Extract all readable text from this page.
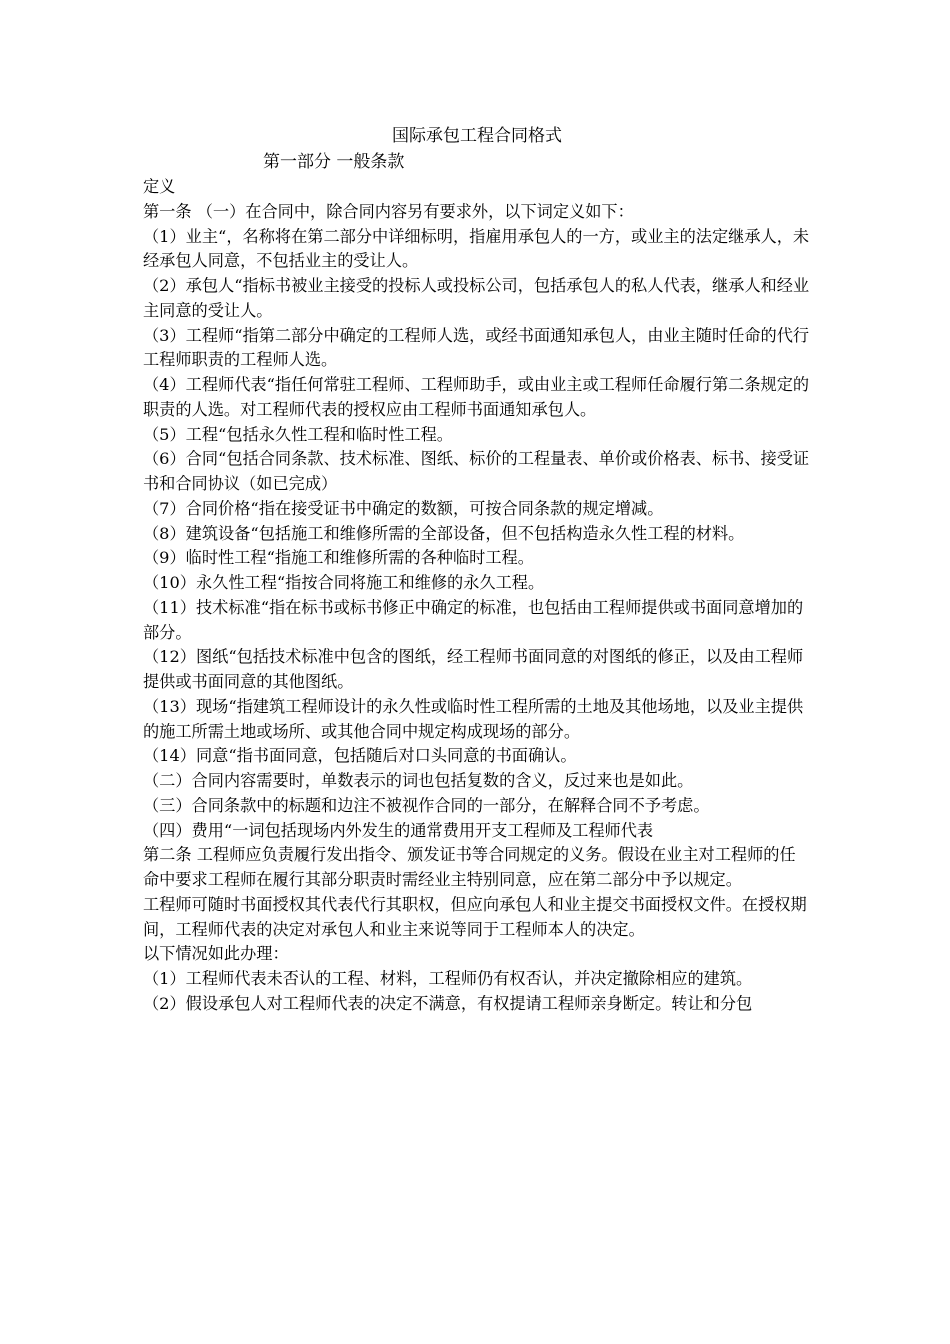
国际承包工程合同格式
第一部分 一般条款

定义

第一条 （一）在合同中，除合同内容另有要求外，以下词定义如下：

（1）业主“，名称将在第二部分中详细标明，指雇用承包人的一方，或业主的法定继承人，未经承包人同意，不包括业主的受让人。

（2）承包人“指标书被业主接受的投标人或投标公司，包括承包人的私人代表，继承人和经业主同意的受让人。

（3）工程师“指第二部分中确定的工程师人选，或经书面通知承包人，由业主随时任命的代行工程师职责的工程师人选。

（4）工程师代表“指任何常驻工程师、工程师助手，或由业主或工程师任命履行第二条规定的职责的人选。对工程师代表的授权应由工程师书面通知承包人。

（5）工程“包括永久性工程和临时性工程。

（6）合同“包括合同条款、技术标准、图纸、标价的工程量表、单价或价格表、标书、接受证书和合同协议（如已完成）

（7）合同价格“指在接受证书中确定的数额，可按合同条款的规定增减。

（8）建筑设备“包括施工和维修所需的全部设备，但不包括构造永久性工程的材料。

（9）临时性工程“指施工和维修所需的各种临时工程。

（10）永久性工程“指按合同将施工和维修的永久工程。

（11）技术标准“指在标书或标书修正中确定的标准，也包括由工程师提供或书面同意增加的部分。

（12）图纸“包括技术标准中包含的图纸，经工程师书面同意的对图纸的修正，以及由工程师提供或书面同意的其他图纸。

（13）现场“指建筑工程师设计的永久性或临时性工程所需的土地及其他场地，以及业主提供的施工所需土地或场所、或其他合同中规定构成现场的部分。

（14）同意“指书面同意，包括随后对口头同意的书面确认。

（二）合同内容需要时，单数表示的词也包括复数的含义，反过来也是如此。

（三）合同条款中的标题和边注不被视作合同的一部分，在解释合同不予考虑。

（四）费用“一词包括现场内外发生的通常费用开支工程师及工程师代表

第二条 工程师应负责履行发出指令、颁发证书等合同规定的义务。假设在业主对工程师的任命中要求工程师在履行其部分职责时需经业主特别同意，应在第二部分中予以规定。

工程师可随时书面授权其代表代行其职权，但应向承包人和业主提交书面授权文件。在授权期间，工程师代表的决定对承包人和业主来说等同于工程师本人的决定。

以下情况如此办理：

（1）工程师代表未否认的工程、材料，工程师仍有权否认，并决定撤除相应的建筑。

（2）假设承包人对工程师代表的决定不满意，有权提请工程师亲身断定。转让和分包
